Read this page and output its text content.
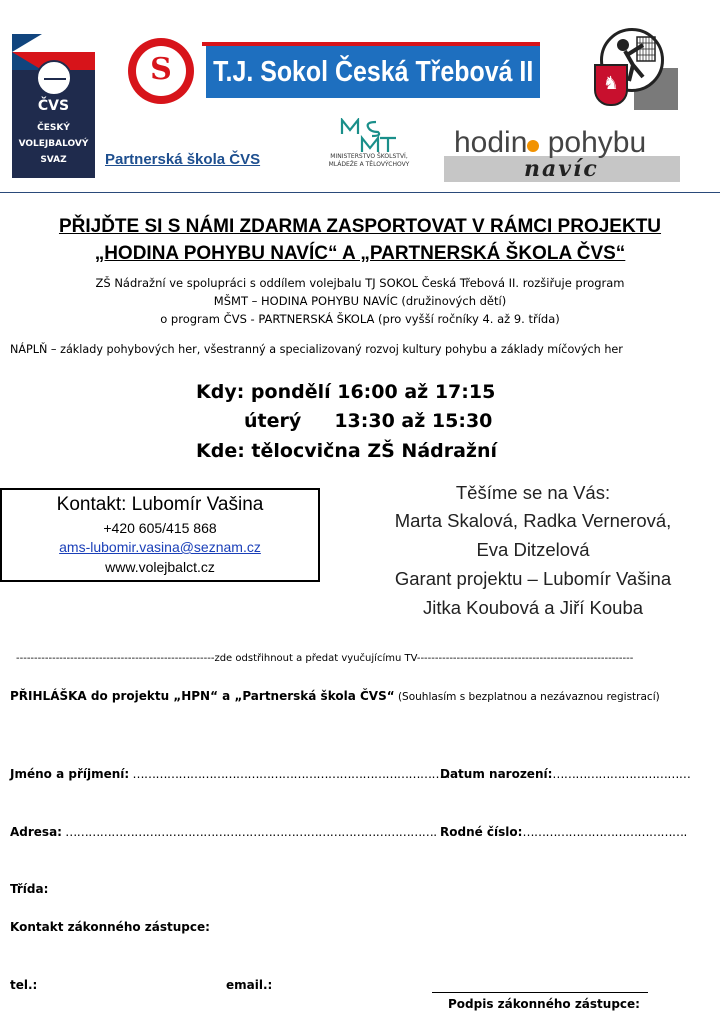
ČVS
ČESKÝ
VOLEJBALOVÝ
SVAZ
S	T.J. Sokol Česká Třebová II	♞
Partnerská škola ČVS	MINISTERSTVO ŠKOLSTVÍ,
MLÁDEŽE A TĚLOVÝCHOVY
hodin pohybu
navíc
PŘIJĎTE SI S NÁMI ZDARMA ZASPORTOVAT V RÁMCI PROJEKTU
„HODINA POHYBU NAVÍC“ A „PARTNERSKÁ ŠKOLA ČVS“
ZŠ Nádražní ve spolupráci s oddílem volejbalu TJ SOKOL Česká Třebová II. rozšiřuje program
MŠMT – HODINA POHYBU NAVÍC (družinových dětí)
o program ČVS - PARTNERSKÁ ŠKOLA (pro vyšší ročníky 4. až 9. třída)
NÁPLŇ – základy pohybových her, všestranný a specializovaný rozvoj kultury pohybu a základy míčových her
Kdy: pondělí 16:00 až 17:15
úterý     13:30 až 15:30
Kde: tělocvična ZŠ Nádražní
Kontakt: Lubomír Vašina
+420 605/415 868
ams-lubomir.vasina@seznam.cz
www.volejbalct.cz
Těšíme se na Vás:
Marta Skalová, Radka Vernerová,
Eva Ditzelová
Garant projektu – Lubomír Vašina
Jitka Koubová a Jiří Kouba
-------------------------------------------------------zde odstřihnout a předat vyučujícímu TV------------------------------------------------------------
PŘIHLÁŠKA do projektu „HPN“ a „Partnerská škola ČVS“ (Souhlasím s bezplatnou a nezávaznou registrací)
Jméno a příjmení: ………………………………………………………………………..
Datum narození:………………………………
Adresa: ……………………………………………………………………………………. Rodné číslo:…………………………………….
Třída:
Kontakt zákonného zástupce:
tel.:	email.:
Podpis zákonného zástupce:
